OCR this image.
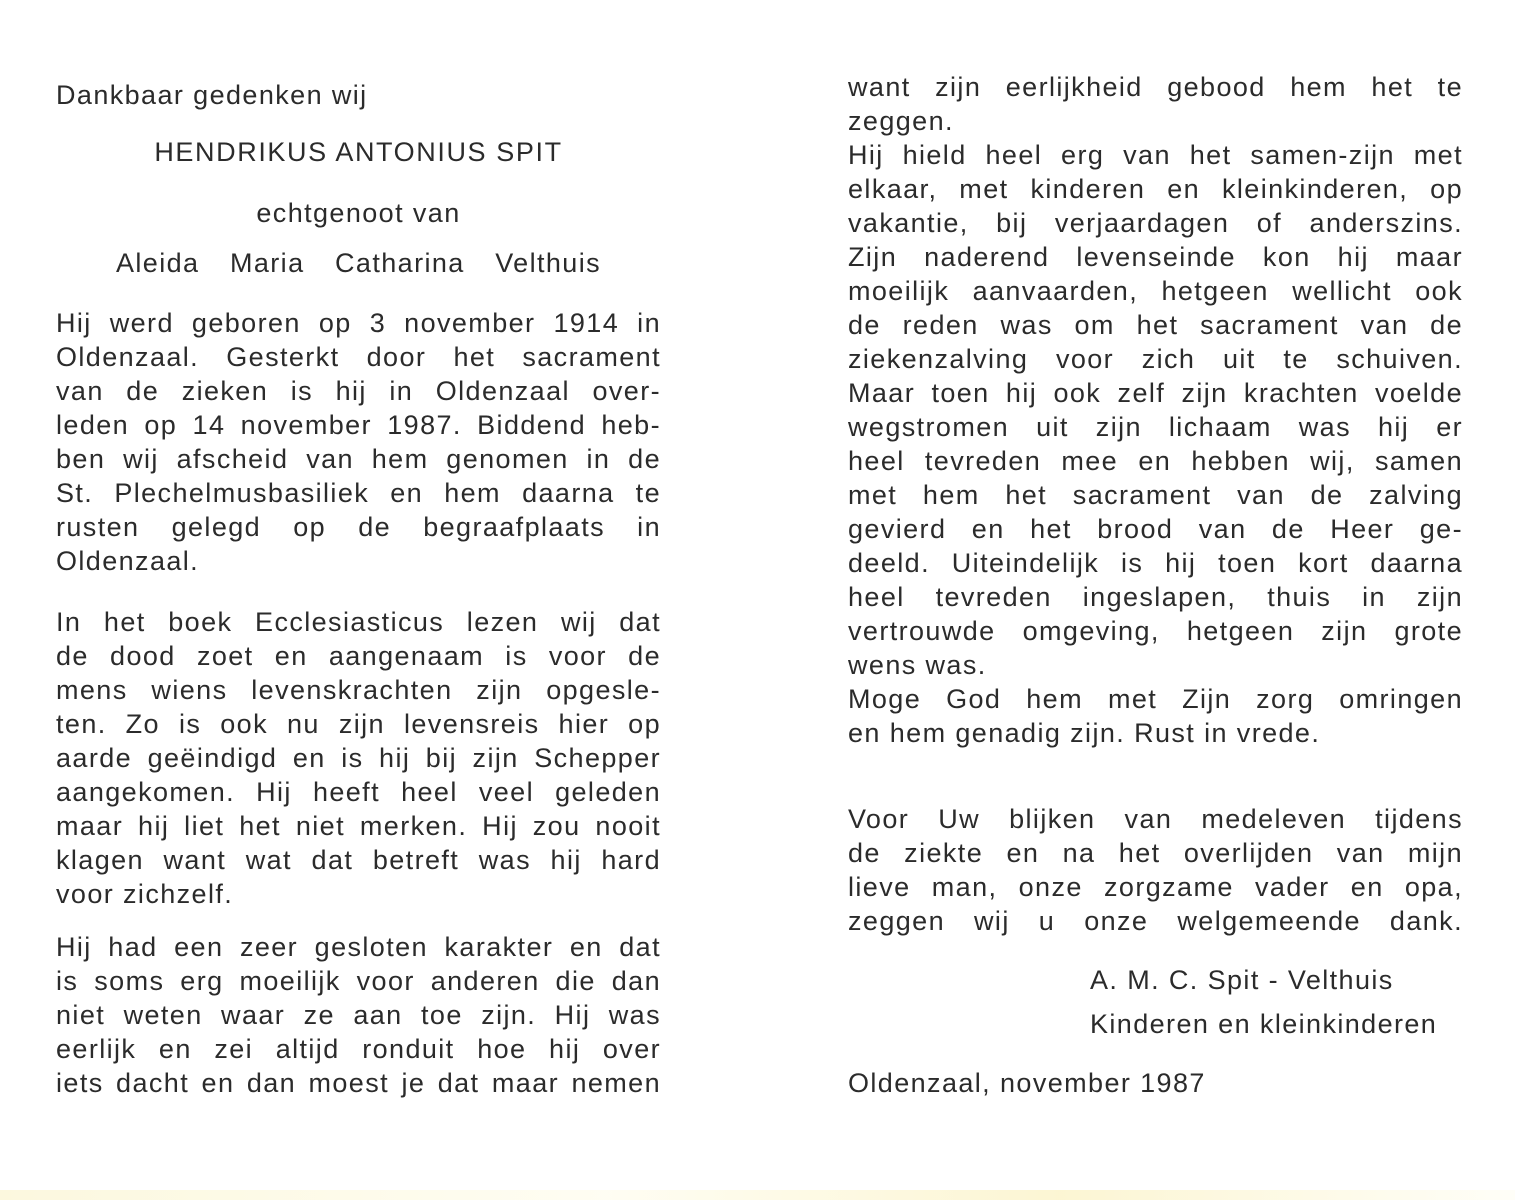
Dankbaar gedenken wij
HENDRIKUS ANTONIUS SPIT
echtgenoot van
Aleida Maria Catharina Velthuis
Hij werd geboren op 3 november 1914 in
Oldenzaal. Gesterkt door het sacrament
van de zieken is hij in Oldenzaal over-
leden op 14 november 1987. Biddend heb-
ben wij afscheid van hem genomen in de
St. Plechelmusbasiliek en hem daarna te
rusten gelegd op de begraafplaats in
Oldenzaal.
In het boek Ecclesiasticus lezen wij dat
de dood zoet en aangenaam is voor de
mens wiens levenskrachten zijn opgesle-
ten. Zo is ook nu zijn levensreis hier op
aarde geëindigd en is hij bij zijn Schepper
aangekomen. Hij heeft heel veel geleden
maar hij liet het niet merken. Hij zou nooit
klagen want wat dat betreft was hij hard
voor zichzelf.
Hij had een zeer gesloten karakter en dat
is soms erg moeilijk voor anderen die dan
niet weten waar ze aan toe zijn. Hij was
eerlijk en zei altijd ronduit hoe hij over
iets dacht en dan moest je dat maar nemen
want zijn eerlijkheid gebood hem het te
zeggen.
Hij hield heel erg van het samen-zijn met
elkaar, met kinderen en kleinkinderen, op
vakantie, bij verjaardagen of anderszins.
Zijn naderend levenseinde kon hij maar
moeilijk aanvaarden, hetgeen wellicht ook
de reden was om het sacrament van de
ziekenzalving voor zich uit te schuiven.
Maar toen hij ook zelf zijn krachten voelde
wegstromen uit zijn lichaam was hij er
heel tevreden mee en hebben wij, samen
met hem het sacrament van de zalving
gevierd en het brood van de Heer ge-
deeld. Uiteindelijk is hij toen kort daarna
heel tevreden ingeslapen, thuis in zijn
vertrouwde omgeving, hetgeen zijn grote
wens was.
Moge God hem met Zijn zorg omringen
en hem genadig zijn. Rust in vrede.
Voor Uw blijken van medeleven tijdens
de ziekte en na het overlijden van mijn
lieve man, onze zorgzame vader en opa,
zeggen wij u onze welgemeende dank.
A. M. C. Spit - Velthuis
Kinderen en kleinkinderen
Oldenzaal, november 1987
